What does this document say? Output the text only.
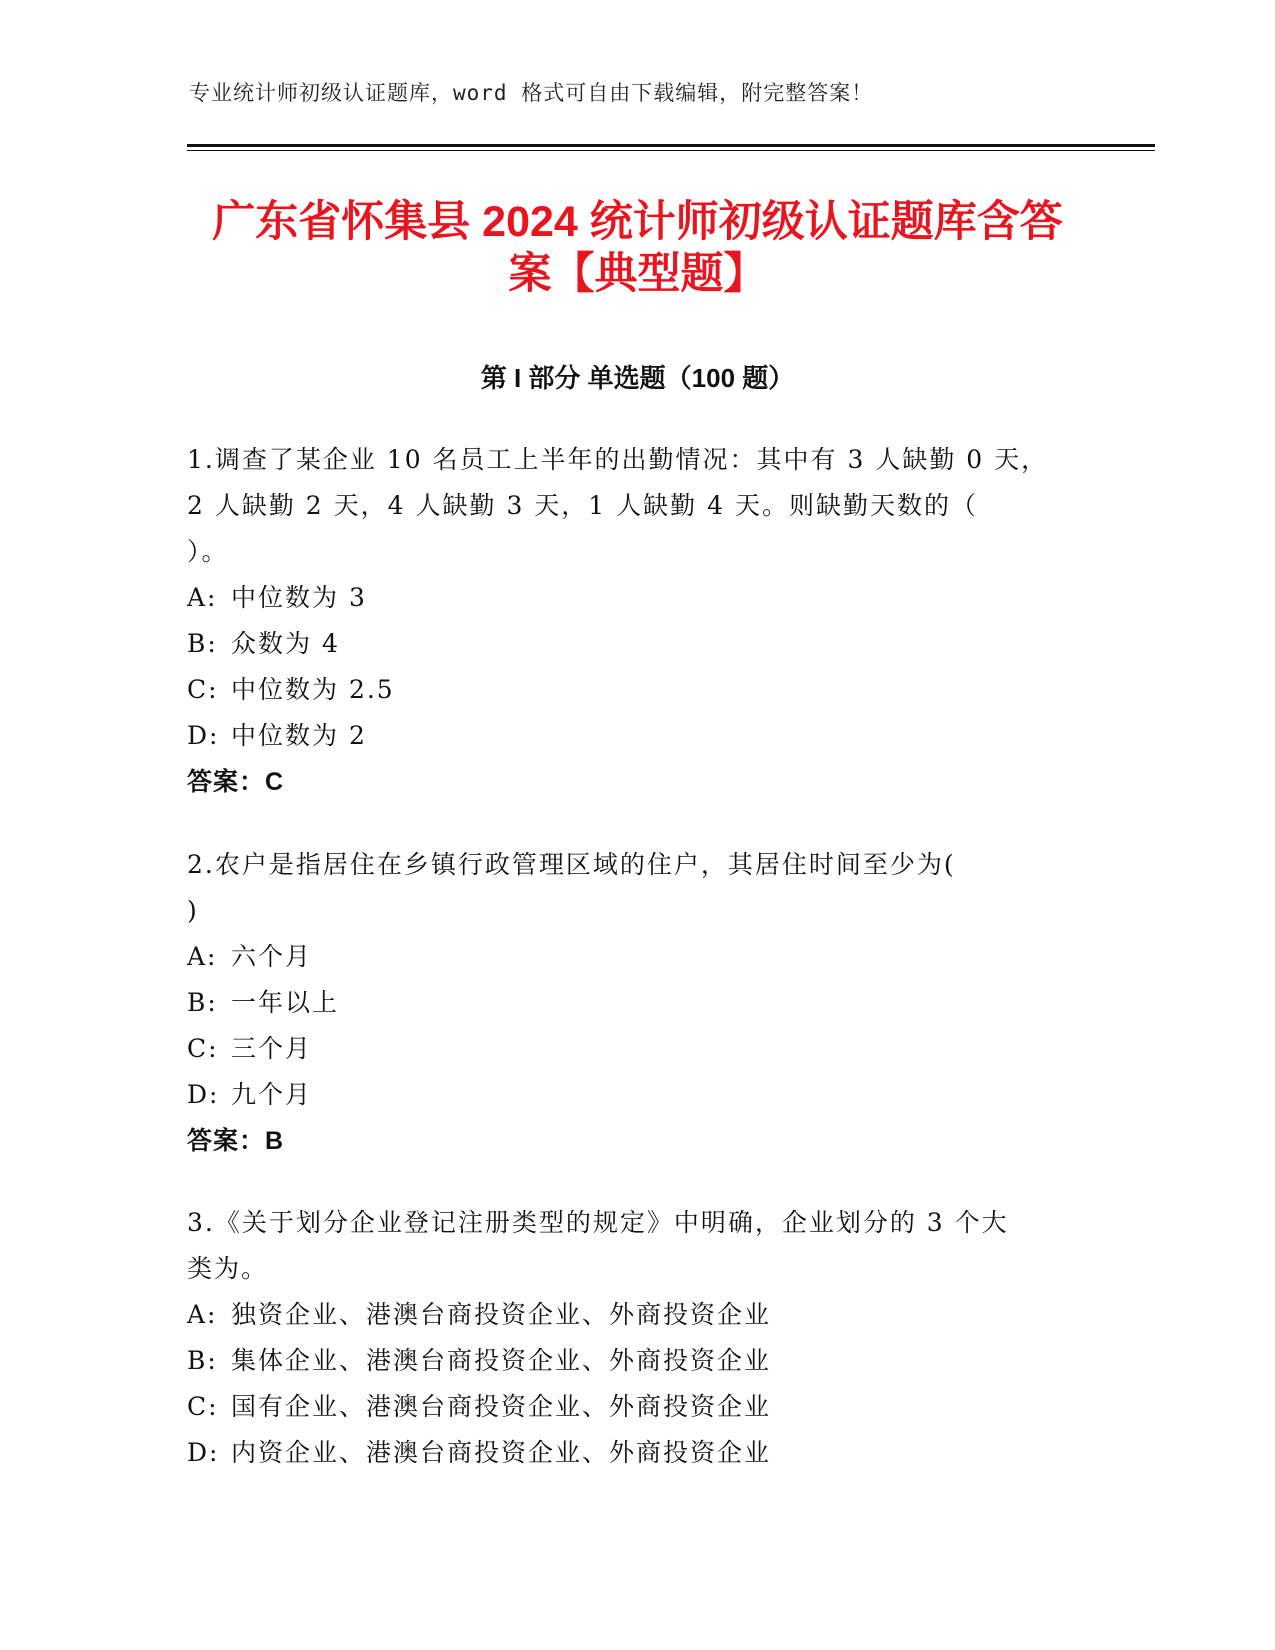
专业统计师初级认证题库，word 格式可自由下载编辑，附完整答案！
广东省怀集县 2024 统计师初级认证题库含答
案【典型题】
第 I 部分 单选题（100 题）

1.调查了某企业 10 名员工上半年的出勤情况：其中有 3 人缺勤 0 天，

2 人缺勤 2 天，4 人缺勤 3 天，1 人缺勤 4 天。则缺勤天数的（

）。

A: 中位数为 3

B: 众数为 4

C: 中位数为 2.5

D: 中位数为 2

答案：C

2.农户是指居住在乡镇行政管理区域的住户，其居住时间至少为(

)

A: 六个月

B: 一年以上

C: 三个月

D: 九个月

答案：B

3.《关于划分企业登记注册类型的规定》中明确，企业划分的 3 个大

类为。

A: 独资企业、港澳台商投资企业、外商投资企业

B: 集体企业、港澳台商投资企业、外商投资企业

C: 国有企业、港澳台商投资企业、外商投资企业

D: 内资企业、港澳台商投资企业、外商投资企业
